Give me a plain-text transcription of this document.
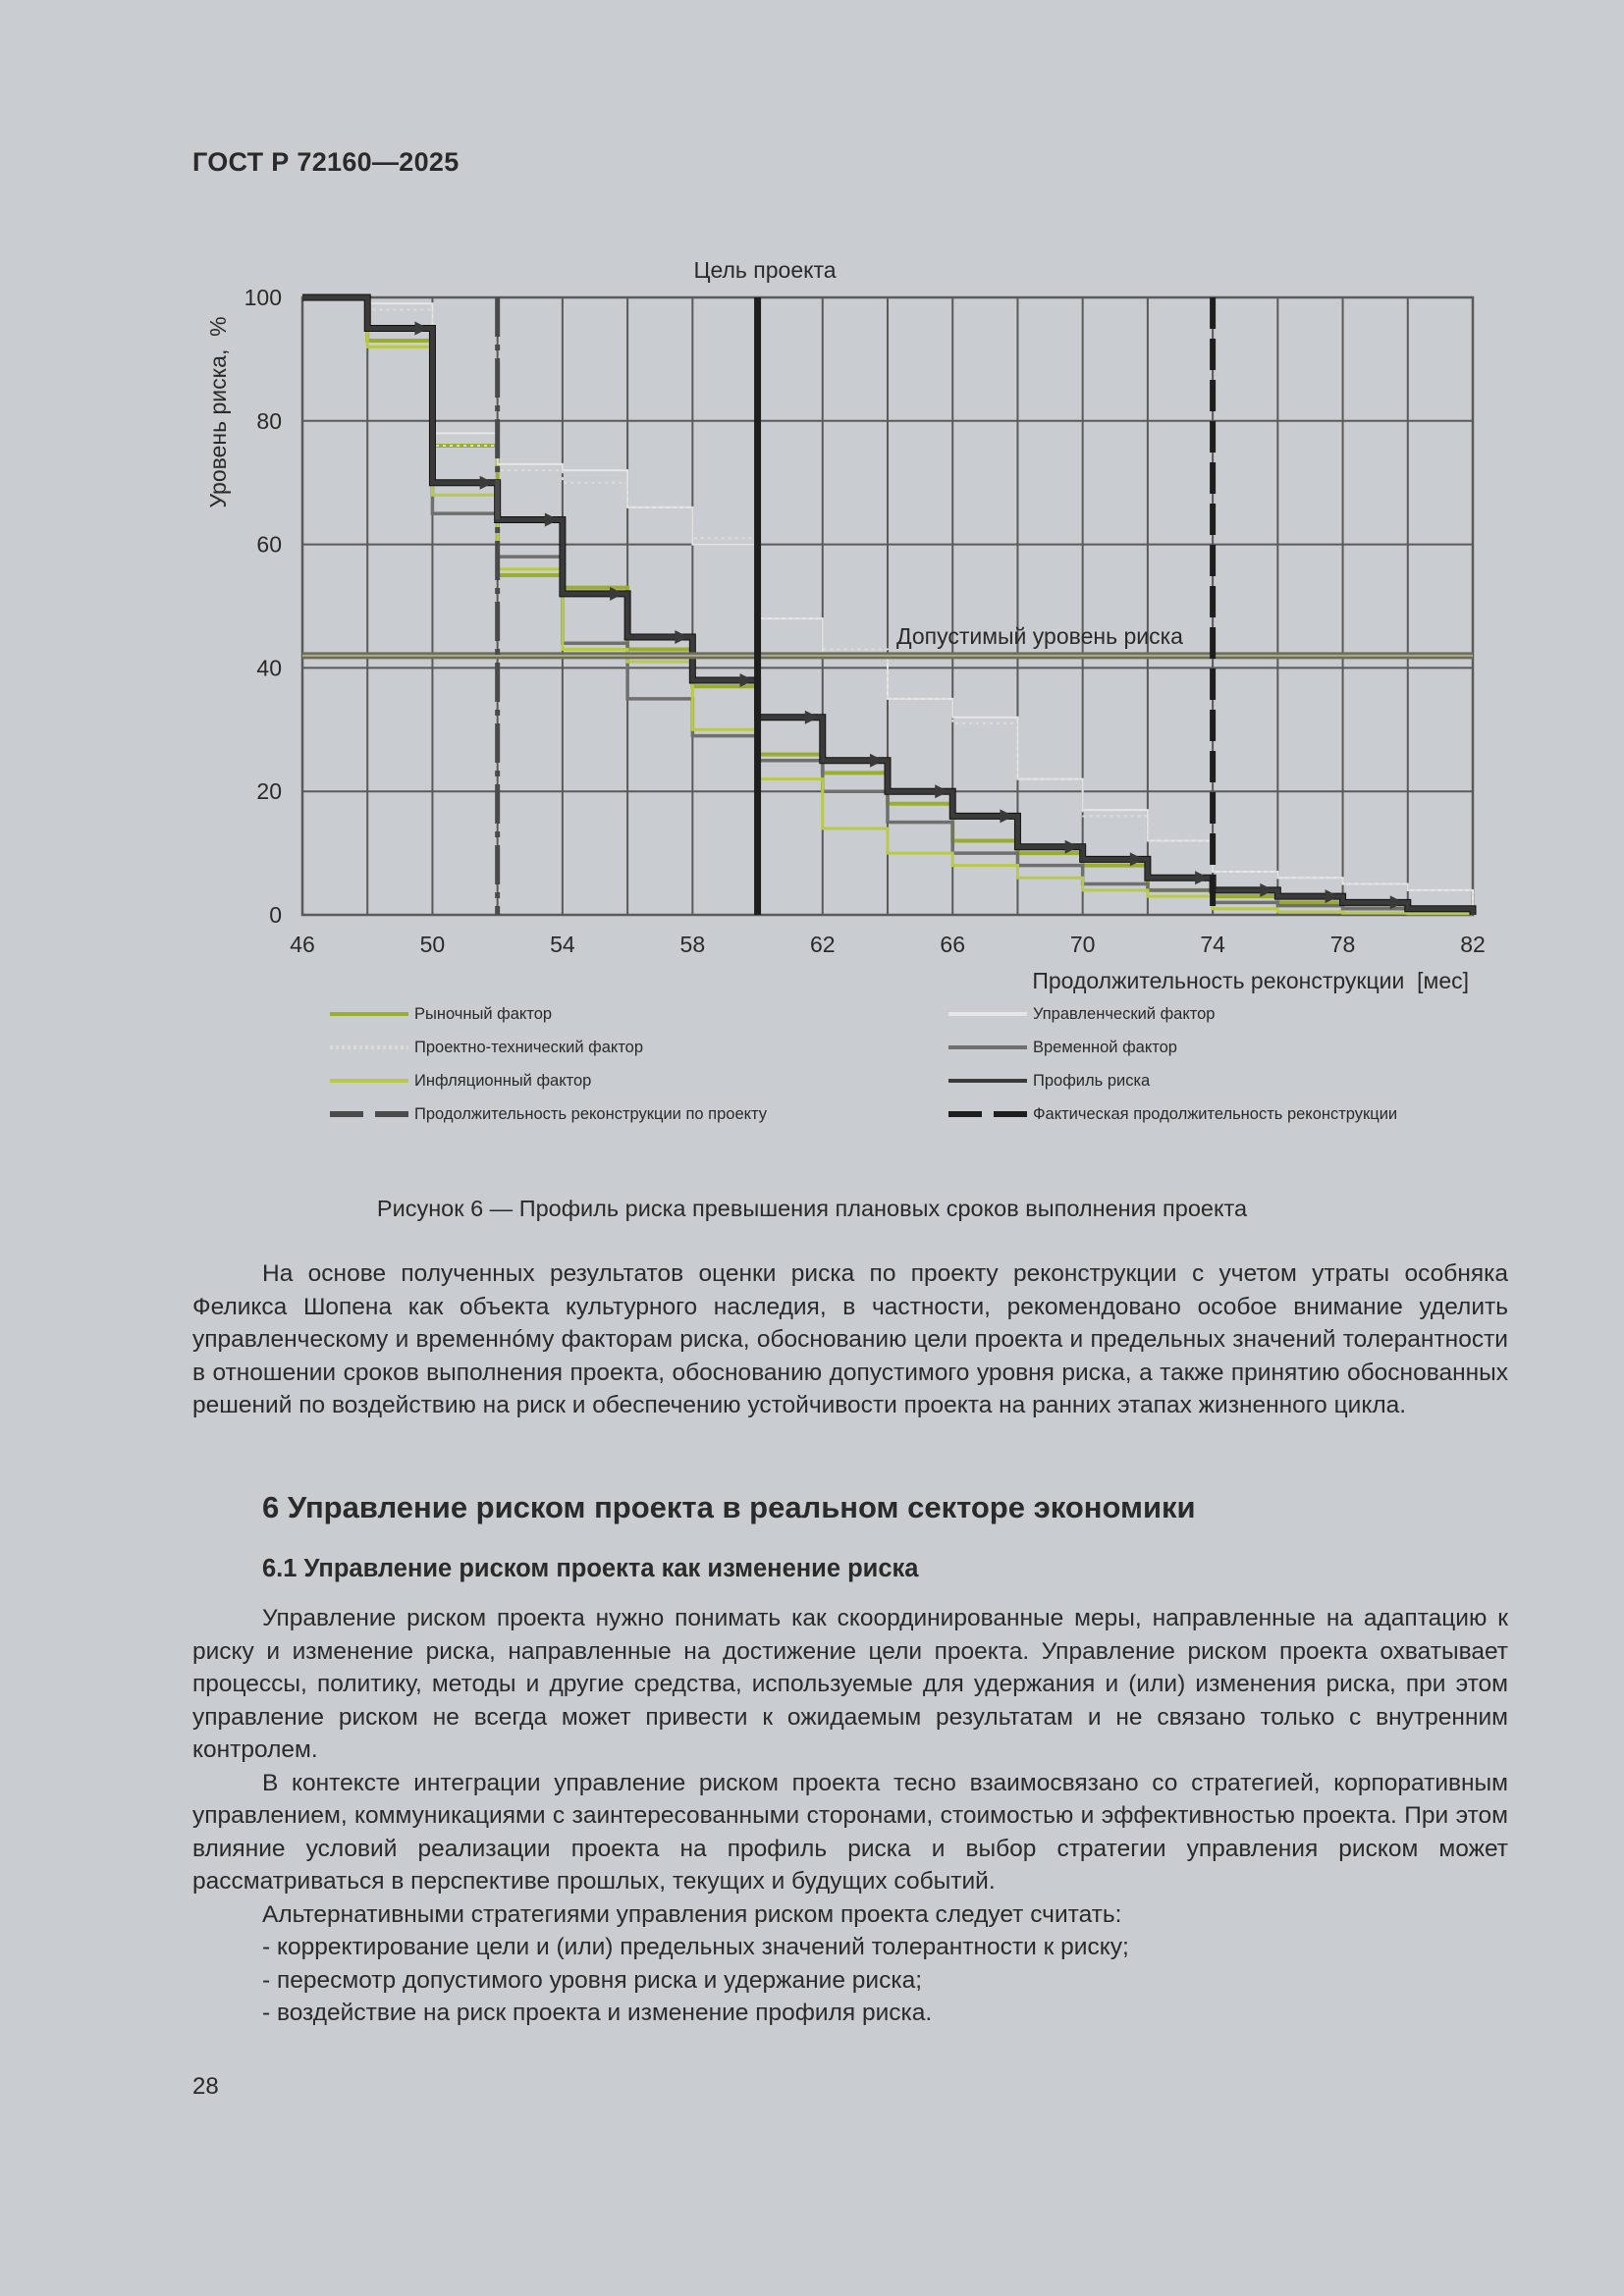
ГОСТ Р 72160—2025
46	50	54	58	62	66	70	74	78	82
0
20
40
60
80
100
Цель проекта
Допустимый уровень риска
Продолжительность реконструкции  [мес]
Уровень риска,  %
Рыночный фактор	Управленческий фактор
Проектно-технический фактор	Временной фактор
Инфляционный фактор	Профиль риска
Продолжительность реконструкции по проекту	Фактическая продолжительность реконструкции
Рисунок 6 — Профиль риска превышения плановых сроков выполнения проекта

На основе полученных результатов оценки риска по проекту реконструкции с учетом утраты особняка Феликса Шопена как объекта культурного наследия, в частности, рекомендовано особое внимание уделить управленческому и временнóму факторам риска, обоснованию цели проекта и предельных значений толерантности в отношении сроков выполнения проекта, обоснованию допустимого уровня риска, а также принятию обоснованных решений по воздействию на риск и обеспечению устойчивости проекта на ранних этапах жизненного цикла.

6 Управление риском проекта в реальном секторе экономики
6.1 Управление риском проекта как изменение риска

Управление риском проекта нужно понимать как скоординированные меры, направленные на адаптацию к риску и изменение риска, направленные на достижение цели проекта. Управление риском проекта охватывает процессы, политику, методы и другие средства, используемые для удержания и (или) изменения риска, при этом управление риском не всегда может привести к ожидаемым результатам и не связано только с внутренним контролем.

В контексте интеграции управление риском проекта тесно взаимосвязано со стратегией, корпоративным управлением, коммуникациями с заинтересованными сторонами, стоимостью и эффективностью проекта. При этом влияние условий реализации проекта на профиль риска и выбор стратегии управления риском может рассматриваться в перспективе прошлых, текущих и будущих событий.

Альтернативными стратегиями управления риском проекта следует считать:

- корректирование цели и (или) предельных значений толерантности к риску;
- пересмотр допустимого уровня риска и удержание риска;
- воздействие на риск проекта и изменение профиля риска.
28
